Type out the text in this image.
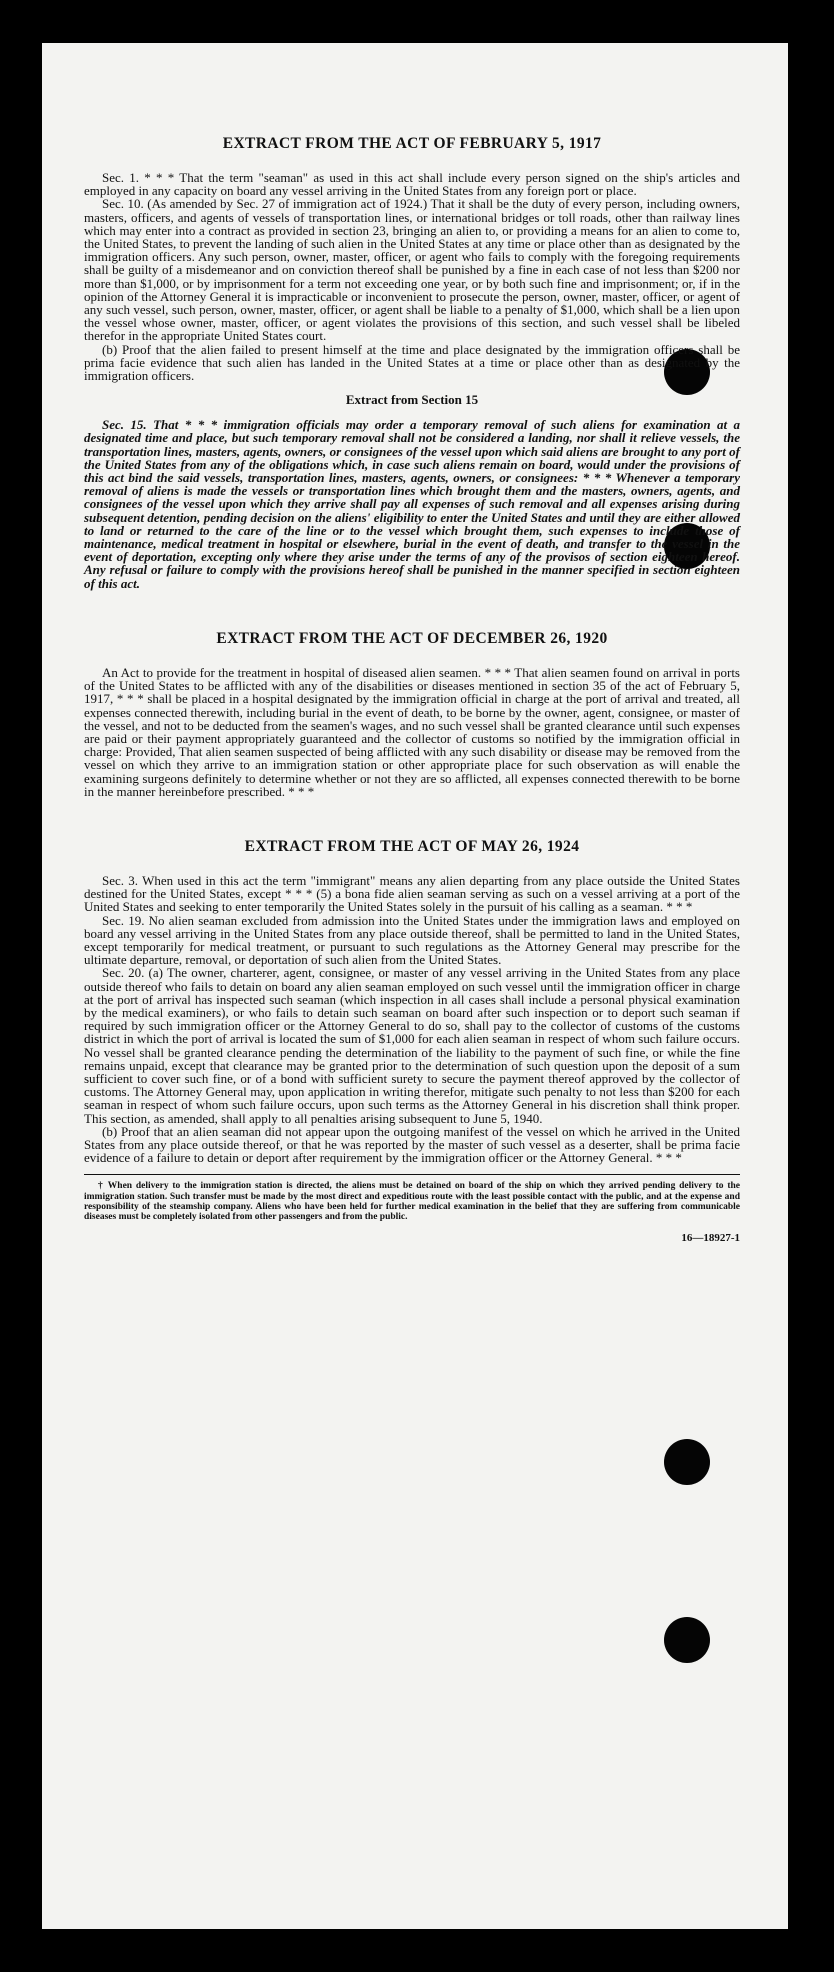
EXTRACT FROM THE ACT OF FEBRUARY 5, 1917

Sec. 1. * * * That the term "seaman" as used in this act shall include every person signed on the ship's articles and employed in any capacity on board any vessel arriving in the United States from any foreign port or place.

Sec. 10. (As amended by Sec. 27 of immigration act of 1924.) That it shall be the duty of every person, including owners, masters, officers, and agents of vessels of transportation lines, or international bridges or toll roads, other than railway lines which may enter into a contract as provided in section 23, bringing an alien to, or providing a means for an alien to come to, the United States, to prevent the landing of such alien in the United States at any time or place other than as designated by the immigration officers. Any such person, owner, master, officer, or agent who fails to comply with the foregoing requirements shall be guilty of a misdemeanor and on conviction thereof shall be punished by a fine in each case of not less than $200 nor more than $1,000, or by imprisonment for a term not exceeding one year, or by both such fine and imprisonment; or, if in the opinion of the Attorney General it is impracticable or inconvenient to prosecute the person, owner, master, officer, or agent of any such vessel, such person, owner, master, officer, or agent shall be liable to a penalty of $1,000, which shall be a lien upon the vessel whose owner, master, officer, or agent violates the provisions of this section, and such vessel shall be libeled therefor in the appropriate United States court.

(b) Proof that the alien failed to present himself at the time and place designated by the immigration officers shall be prima facie evidence that such alien has landed in the United States at a time or place other than as designated by the immigration officers.

Extract from Section 15

Sec. 15. That * * * immigration officials may order a temporary removal of such aliens for examination at a designated time and place, but such temporary removal shall not be considered a landing, nor shall it relieve vessels, the transportation lines, masters, agents, owners, or consignees of the vessel upon which said aliens are brought to any port of the United States from any of the obligations which, in case such aliens remain on board, would under the provisions of this act bind the said vessels, transportation lines, masters, agents, owners, or consignees: * * * Whenever a temporary removal of aliens is made the vessels or transportation lines which brought them and the masters, owners, agents, and consignees of the vessel upon which they arrive shall pay all expenses of such removal and all expenses arising during subsequent detention, pending decision on the aliens' eligibility to enter the United States and until they are either allowed to land or returned to the care of the line or to the vessel which brought them, such expenses to include those of maintenance, medical treatment in hospital or elsewhere, burial in the event of death, and transfer to the vessel in the event of deportation, excepting only where they arise under the terms of any of the provisos of section eighteen hereof. Any refusal or failure to comply with the provisions hereof shall be punished in the manner specified in section eighteen of this act.

EXTRACT FROM THE ACT OF DECEMBER 26, 1920

An Act to provide for the treatment in hospital of diseased alien seamen. * * * That alien seamen found on arrival in ports of the United States to be afflicted with any of the disabilities or diseases mentioned in section 35 of the act of February 5, 1917, * * * shall be placed in a hospital designated by the immigration official in charge at the port of arrival and treated, all expenses connected therewith, including burial in the event of death, to be borne by the owner, agent, consignee, or master of the vessel, and not to be deducted from the seamen's wages, and no such vessel shall be granted clearance until such expenses are paid or their payment appropriately guaranteed and the collector of customs so notified by the immigration official in charge: Provided, That alien seamen suspected of being afflicted with any such disability or disease may be removed from the vessel on which they arrive to an immigration station or other appropriate place for such observation as will enable the examining surgeons definitely to determine whether or not they are so afflicted, all expenses connected therewith to be borne in the manner hereinbefore prescribed. * * *

EXTRACT FROM THE ACT OF MAY 26, 1924

Sec. 3. When used in this act the term "immigrant" means any alien departing from any place outside the United States destined for the United States, except * * * (5) a bona fide alien seaman serving as such on a vessel arriving at a port of the United States and seeking to enter temporarily the United States solely in the pursuit of his calling as a seaman. * * *

Sec. 19. No alien seaman excluded from admission into the United States under the immigration laws and employed on board any vessel arriving in the United States from any place outside thereof, shall be permitted to land in the United States, except temporarily for medical treatment, or pursuant to such regulations as the Attorney General may prescribe for the ultimate departure, removal, or deportation of such alien from the United States.

Sec. 20. (a) The owner, charterer, agent, consignee, or master of any vessel arriving in the United States from any place outside thereof who fails to detain on board any alien seaman employed on such vessel until the immigration officer in charge at the port of arrival has inspected such seaman (which inspection in all cases shall include a personal physical examination by the medical examiners), or who fails to detain such seaman on board after such inspection or to deport such seaman if required by such immigration officer or the Attorney General to do so, shall pay to the collector of customs of the customs district in which the port of arrival is located the sum of $1,000 for each alien seaman in respect of whom such failure occurs. No vessel shall be granted clearance pending the determination of the liability to the payment of such fine, or while the fine remains unpaid, except that clearance may be granted prior to the determination of such question upon the deposit of a sum sufficient to cover such fine, or of a bond with sufficient surety to secure the payment thereof approved by the collector of customs. The Attorney General may, upon application in writing therefor, mitigate such penalty to not less than $200 for each seaman in respect of whom such failure occurs, upon such terms as the Attorney General in his discretion shall think proper. This section, as amended, shall apply to all penalties arising subsequent to June 5, 1940.

(b) Proof that an alien seaman did not appear upon the outgoing manifest of the vessel on which he arrived in the United States from any place outside thereof, or that he was reported by the master of such vessel as a deserter, shall be prima facie evidence of a failure to detain or deport after requirement by the immigration officer or the Attorney General. * * *

† When delivery to the immigration station is directed, the aliens must be detained on board of the ship on which they arrived pending delivery to the immigration station. Such transfer must be made by the most direct and expeditious route with the least possible contact with the public, and at the expense and responsibility of the steamship company. Aliens who have been held for further medical examination in the belief that they are suffering from communicable diseases must be completely isolated from other passengers and from the public.

16—18927-1
